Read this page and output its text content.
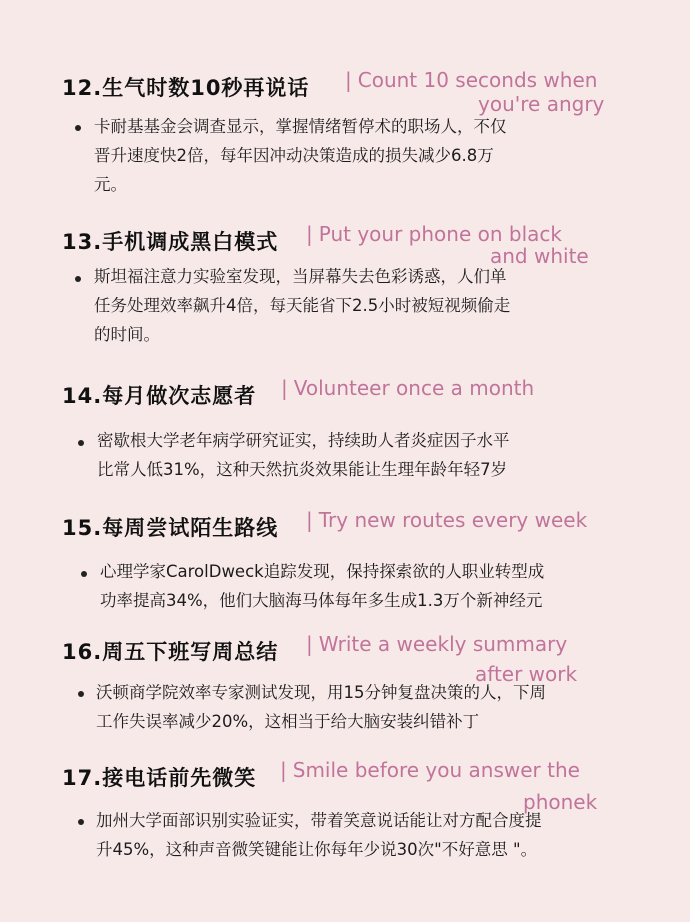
12.生气时数10秒再说话 | Count 10 seconds when
you're angry
卡耐基基金会调查显示，掌握情绪暂停术的职场人，不仅
晋升速度快2倍，每年因冲动决策造成的损失减少6.8万
元。
13.手机调成黑白模式 | Put your phone on black
and white
斯坦福注意力实验室发现，当屏幕失去色彩诱惑，人们单
任务处理效率飙升4倍，每天能省下2.5小时被短视频偷走
的时间。
14.每月做次志愿者 | Volunteer once a month
密歇根大学老年病学研究证实，持续助人者炎症因子水平
比常人低31%，这种天然抗炎效果能让生理年龄年轻7岁
15.每周尝试陌生路线 | Try new routes every week
心理学家CarolDweck追踪发现，保持探索欲的人职业转型成
功率提高34%，他们大脑海马体每年多生成1.3万个新神经元
16.周五下班写周总结 | Write a weekly summary
after work
沃顿商学院效率专家测试发现，用15分钟复盘决策的人，下周
工作失误率减少20%，这相当于给大脑安装纠错补丁
17.接电话前先微笑 | Smile before you answer the
phonek
加州大学面部识别实验证实，带着笑意说话能让对方配合度提
升45%，这种声音微笑键能让你每年少说30次"不好意思 "。
